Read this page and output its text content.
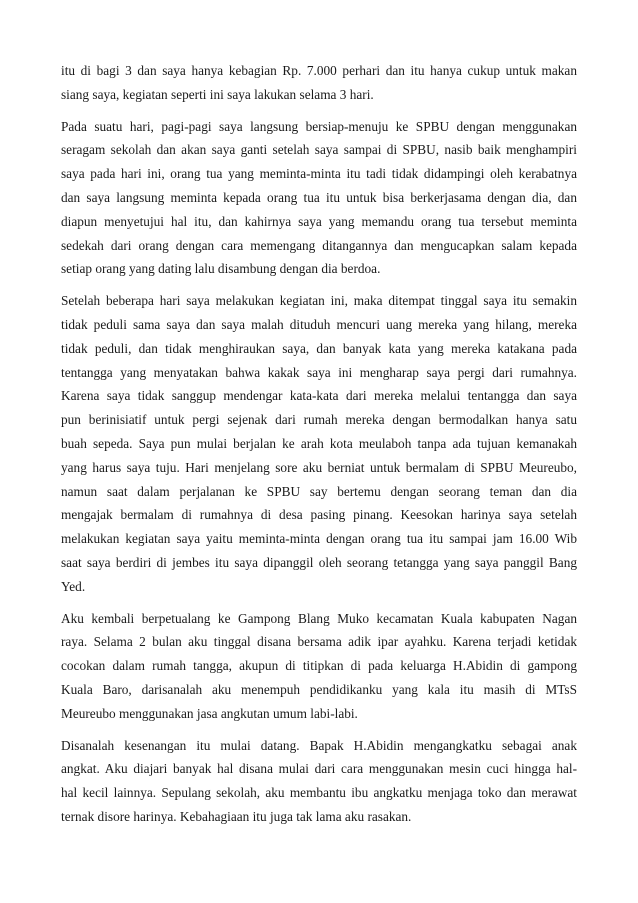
itu di bagi 3 dan saya hanya kebagian Rp. 7.000 perhari dan itu hanya cukup untuk makan
siang saya, kegiatan seperti ini saya lakukan selama 3 hari.

Pada suatu hari, pagi-pagi saya langsung bersiap-menuju ke SPBU dengan menggunakan
seragam sekolah dan akan saya ganti setelah saya sampai di SPBU, nasib baik menghampiri
saya pada hari ini, orang tua yang meminta-minta itu tadi tidak didampingi oleh kerabatnya
dan saya langsung meminta kepada orang tua itu untuk bisa berkerjasama dengan dia, dan
diapun menyetujui hal itu, dan kahirnya saya yang memandu orang tua tersebut meminta
sedekah dari orang dengan cara memengang ditangannya dan mengucapkan salam kepada
setiap orang yang dating lalu disambung dengan dia berdoa.

Setelah beberapa hari saya melakukan kegiatan ini, maka ditempat tinggal saya itu semakin
tidak peduli sama saya dan saya malah dituduh mencuri uang mereka yang hilang, mereka
tidak peduli, dan tidak menghiraukan saya, dan banyak kata yang mereka katakana pada
tentangga yang menyatakan bahwa kakak saya ini mengharap saya pergi dari rumahnya.
Karena saya tidak sanggup mendengar kata-kata dari mereka melalui tentangga dan saya
pun berinisiatif untuk pergi sejenak dari rumah mereka dengan bermodalkan hanya satu
buah sepeda. Saya pun mulai berjalan ke arah kota meulaboh tanpa ada tujuan kemanakah
yang harus saya tuju. Hari menjelang sore aku berniat untuk bermalam di SPBU Meureubo,
namun saat dalam perjalanan ke SPBU say bertemu dengan seorang teman dan dia
mengajak bermalam di rumahnya di desa pasing pinang. Keesokan harinya saya setelah
melakukan kegiatan saya yaitu meminta-minta dengan orang tua itu sampai jam 16.00 Wib
saat saya berdiri di jembes itu saya dipanggil oleh seorang tetangga yang saya panggil Bang
Yed.

Aku kembali berpetualang ke Gampong Blang Muko kecamatan Kuala kabupaten Nagan
raya. Selama 2 bulan aku tinggal disana bersama adik ipar ayahku. Karena terjadi ketidak
cocokan dalam rumah tangga, akupun di titipkan di pada keluarga H.Abidin di gampong
Kuala Baro, darisanalah aku menempuh pendidikanku yang kala itu masih di MTsS
Meureubo menggunakan jasa angkutan umum labi-labi.

Disanalah kesenangan itu mulai datang. Bapak H.Abidin mengangkatku sebagai anak
angkat. Aku diajari banyak hal disana mulai dari cara menggunakan mesin cuci hingga hal-
hal kecil lainnya. Sepulang sekolah, aku membantu ibu angkatku menjaga toko dan merawat
ternak disore harinya. Kebahagiaan itu juga tak lama aku rasakan.
